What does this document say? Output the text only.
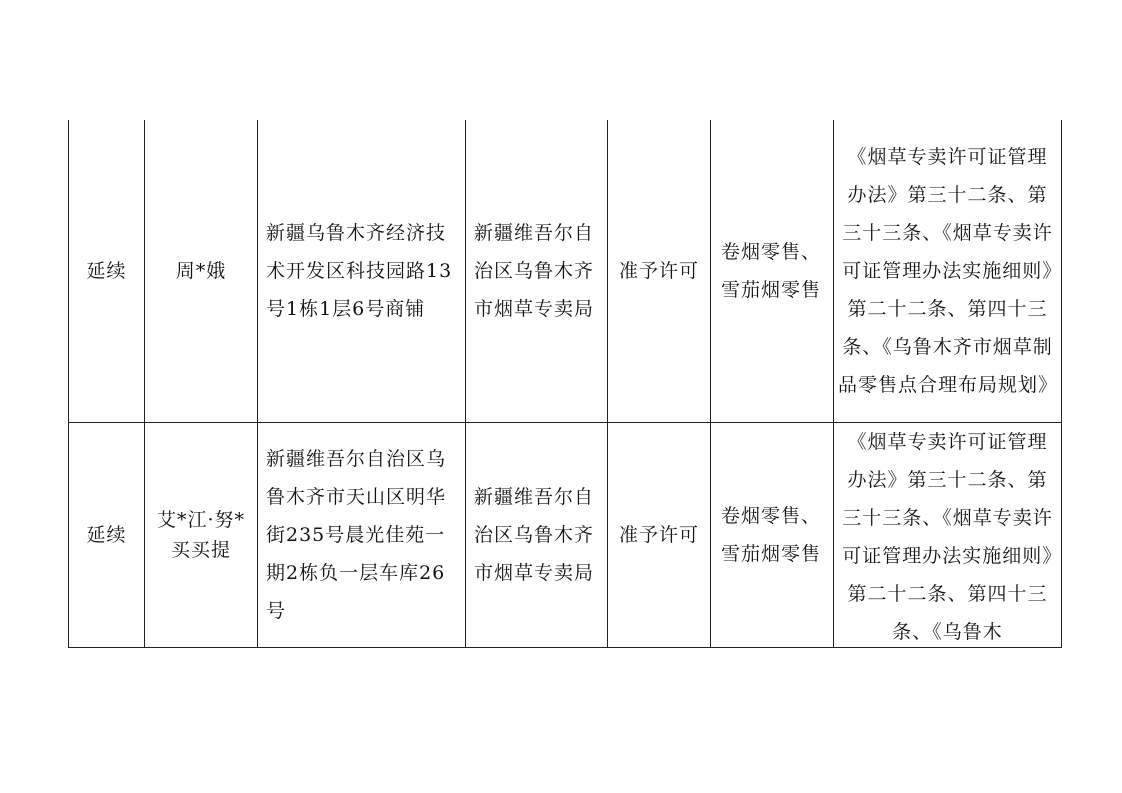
延续	周*娥	新疆乌鲁木齐经济技术开发区科技园路13号1栋1层6号商铺	新疆维吾尔自治区乌鲁木齐市烟草专卖局	准予许可	卷烟零售、雪茄烟零售	《烟草专卖许可证管理办法》第三十二条、第三十三条、《烟草专卖许可证管理办法实施细则》第二十二条、第四十三条、《乌鲁木齐市烟草制品零售点合理布局规划》
延续	艾*江·努*买买提	新疆维吾尔自治区乌鲁木齐市天山区明华街235号晨光佳苑一期2栋负一层车库26号	新疆维吾尔自治区乌鲁木齐市烟草专卖局	准予许可	卷烟零售、雪茄烟零售	《烟草专卖许可证管理办法》第三十二条、第三十三条、《烟草专卖许可证管理办法实施细则》第二十二条、第四十三条、《乌鲁木
